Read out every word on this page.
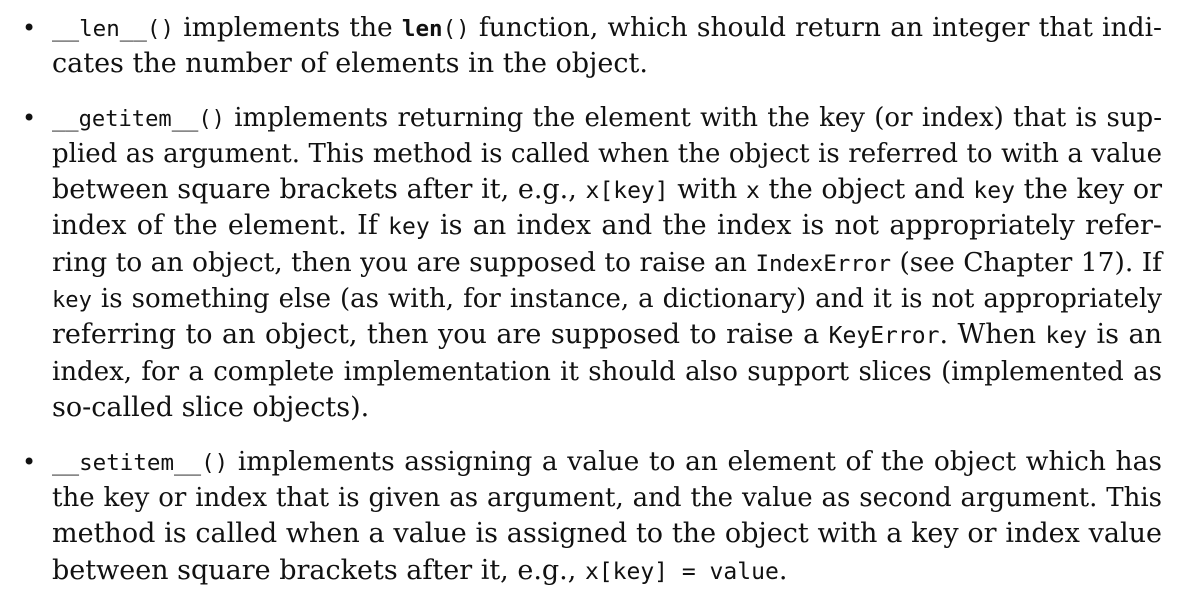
• __len__() implements the len() function, which should return an integer that indi-
cates the number of elements in the object.
• __getitem__() implements returning the element with the key (or index) that is sup-
plied as argument. This method is called when the object is referred to with a value
between square brackets after it, e.g., x[key] with x the object and key the key or
index of the element. If key is an index and the index is not appropriately refer-
ring to an object, then you are supposed to raise an IndexError (see Chapter 17). If
key is something else (as with, for instance, a dictionary) and it is not appropriately
referring to an object, then you are supposed to raise a KeyError. When key is an
index, for a complete implementation it should also support slices (implemented as
so-called slice objects).
• __setitem__() implements assigning a value to an element of the object which has
the key or index that is given as argument, and the value as second argument. This
method is called when a value is assigned to the object with a key or index value
between square brackets after it, e.g., x[key] = value.
